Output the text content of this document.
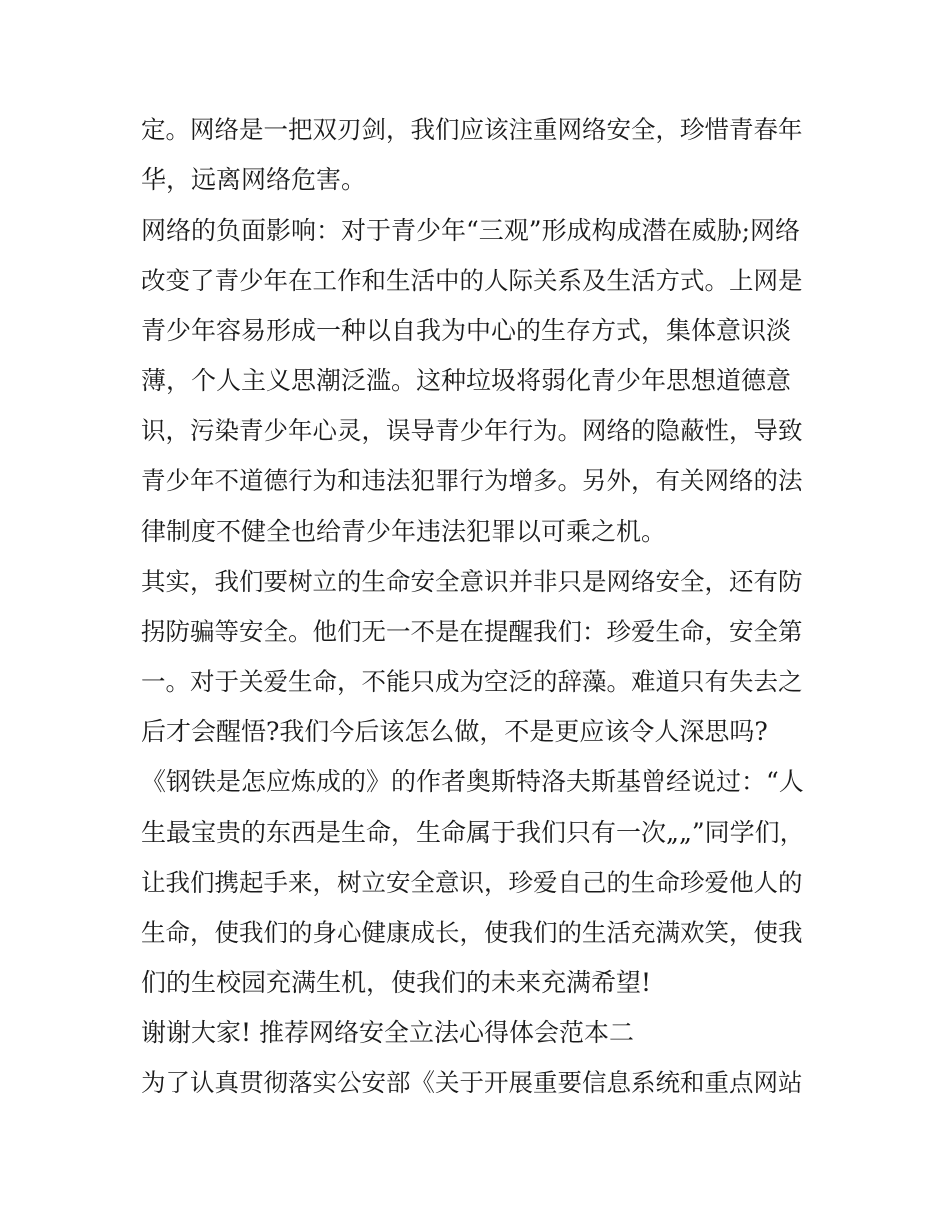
定。网络是一把双刃剑，我们应该注重网络安全，珍惜青春年
华，远离网络危害。
网络的负面影响：对于青少年“三观”形成构成潜在威胁;网络
改变了青少年在工作和生活中的人际关系及生活方式。上网是
青少年容易形成一种以自我为中心的生存方式，集体意识淡
薄，个人主义思潮泛滥。这种垃圾将弱化青少年思想道德意
识，污染青少年心灵，误导青少年行为。网络的隐蔽性，导致
青少年不道德行为和违法犯罪行为增多。另外，有关网络的法
律制度不健全也给青少年违法犯罪以可乘之机。
其实，我们要树立的生命安全意识并非只是网络安全，还有防
拐防骗等安全。他们无一不是在提醒我们：珍爱生命，安全第
一。对于关爱生命，不能只成为空泛的辞藻。难道只有失去之
后才会醒悟?我们今后该怎么做，不是更应该令人深思吗?
《钢铁是怎应炼成的》的作者奥斯特洛夫斯基曾经说过：“人
生最宝贵的东西是生命，生命属于我们只有一次„„”同学们，
让我们携起手来，树立安全意识，珍爱自己的生命珍爱他人的
生命，使我们的身心健康成长，使我们的生活充满欢笑，使我
们的生校园充满生机，使我们的未来充满希望!
谢谢大家! 推荐网络安全立法心得体会范本二
为了认真贯彻落实公安部《关于开展重要信息系统和重点网站
